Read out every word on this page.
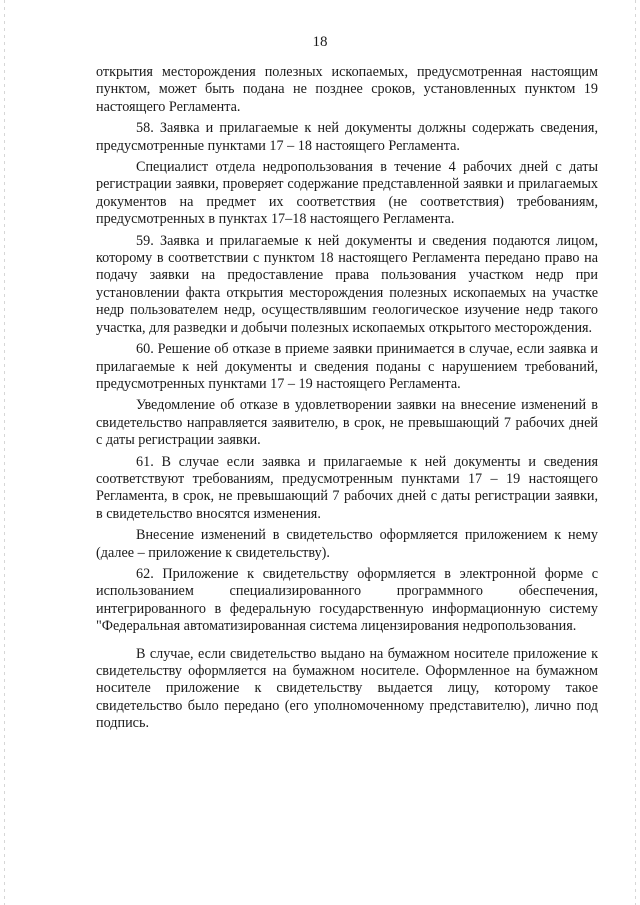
18

открытия месторождения полезных ископаемых, предусмотренная настоящим пунктом, может быть подана не позднее сроков, установленных пунктом 19 настоящего Регламента.

58. Заявка и прилагаемые к ней документы должны содержать сведения, предусмотренные пунктами 17 – 18 настоящего Регламента.

Специалист отдела недропользования в течение 4 рабочих дней с даты регистрации заявки, проверяет содержание представленной заявки и прилагаемых документов на предмет их соответствия (не соответствия) требованиям, предусмотренных в пунктах 17–18 настоящего Регламента.

59. Заявка и прилагаемые к ней документы и сведения подаются лицом, которому в соответствии с пунктом 18 настоящего Регламента передано право на подачу заявки на предоставление права пользования участком недр при установлении факта открытия месторождения полезных ископаемых на участке недр пользователем недр, осуществлявшим геологическое изучение недр такого участка, для разведки и добычи полезных ископаемых открытого месторождения.

60. Решение об отказе в приеме заявки принимается в случае, если заявка и прилагаемые к ней документы и сведения поданы с нарушением требований, предусмотренных пунктами 17 – 19 настоящего Регламента.

Уведомление об отказе в удовлетворении заявки на внесение изменений в свидетельство направляется заявителю, в срок, не превышающий 7 рабочих дней с даты регистрации заявки.

61. В случае если заявка и прилагаемые к ней документы и сведения соответствуют требованиям, предусмотренным пунктами 17 – 19 настоящего Регламента, в срок, не превышающий 7 рабочих дней с даты регистрации заявки, в свидетельство вносятся изменения.

Внесение изменений в свидетельство оформляется приложением к нему (далее – приложение к свидетельству).

62. Приложение к свидетельству оформляется в электронной форме с использованием специализированного программного обеспечения, интегрированного в федеральную государственную информационную систему "Федеральная автоматизированная система лицензирования недропользования.

В случае, если свидетельство выдано на бумажном носителе приложение к свидетельству оформляется на бумажном носителе. Оформленное на бумажном носителе приложение к свидетельству выдается лицу, которому такое свидетельство было передано (его уполномоченному представителю), лично под подпись.
